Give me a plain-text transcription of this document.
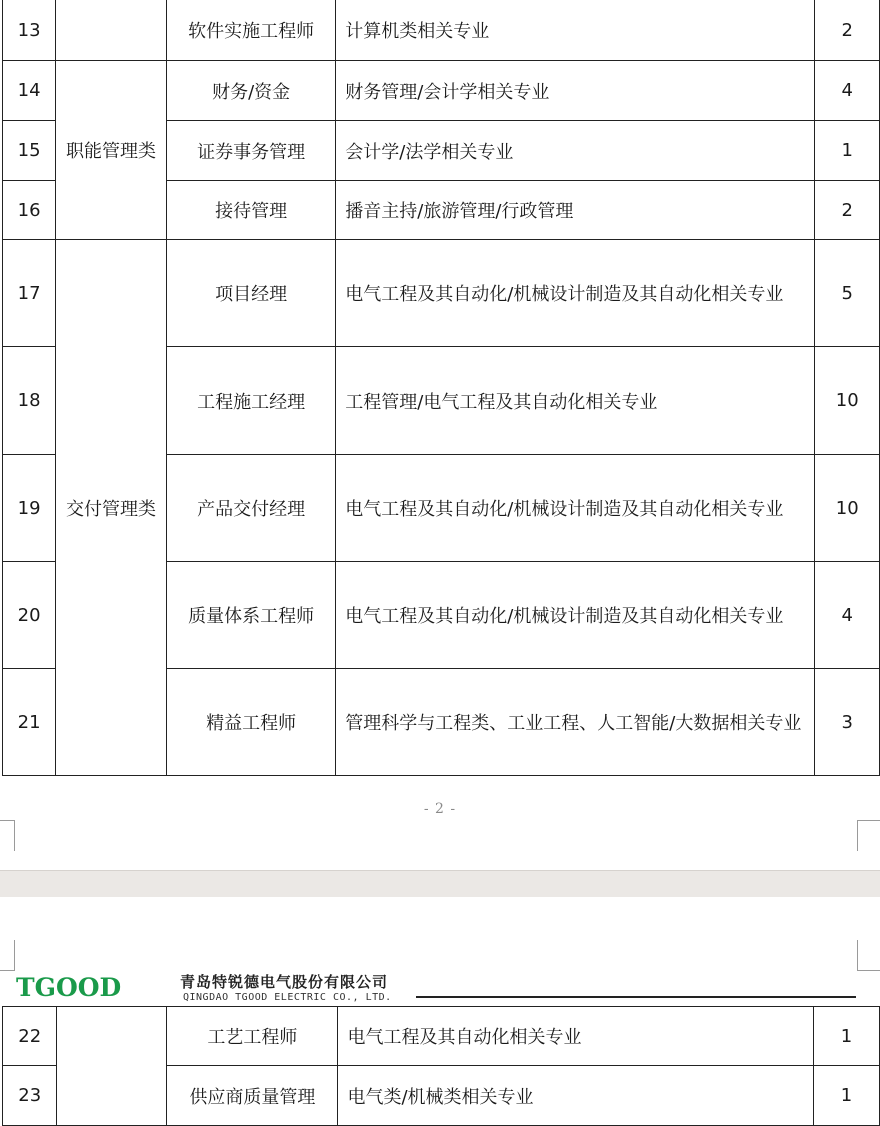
13		软件实施工程师	计算机类相关专业	2
14	职能管理类	财务/资金	财务管理/会计学相关专业	4
15		证券事务管理	会计学/法学相关专业	1
16		接待管理	播音主持/旅游管理/行政管理	2
17	交付管理类	项目经理	电气工程及其自动化/机械设计制造及其自动化相关专业	5
18		工程施工经理	工程管理/电气工程及其自动化相关专业	10
19		产品交付经理	电气工程及其自动化/机械设计制造及其自动化相关专业	10
20		质量体系工程师	电气工程及其自动化/机械设计制造及其自动化相关专业	4
21		精益工程师	管理科学与工程类、工业工程、人工智能/大数据相关专业	3
- 2 -
TGOOD	青岛特锐德电气股份有限公司
QINGDAO TGOOD ELECTRIC CO., LTD.
22		工艺工程师	电气工程及其自动化相关专业	1
23		供应商质量管理	电气类/机械类相关专业	1
